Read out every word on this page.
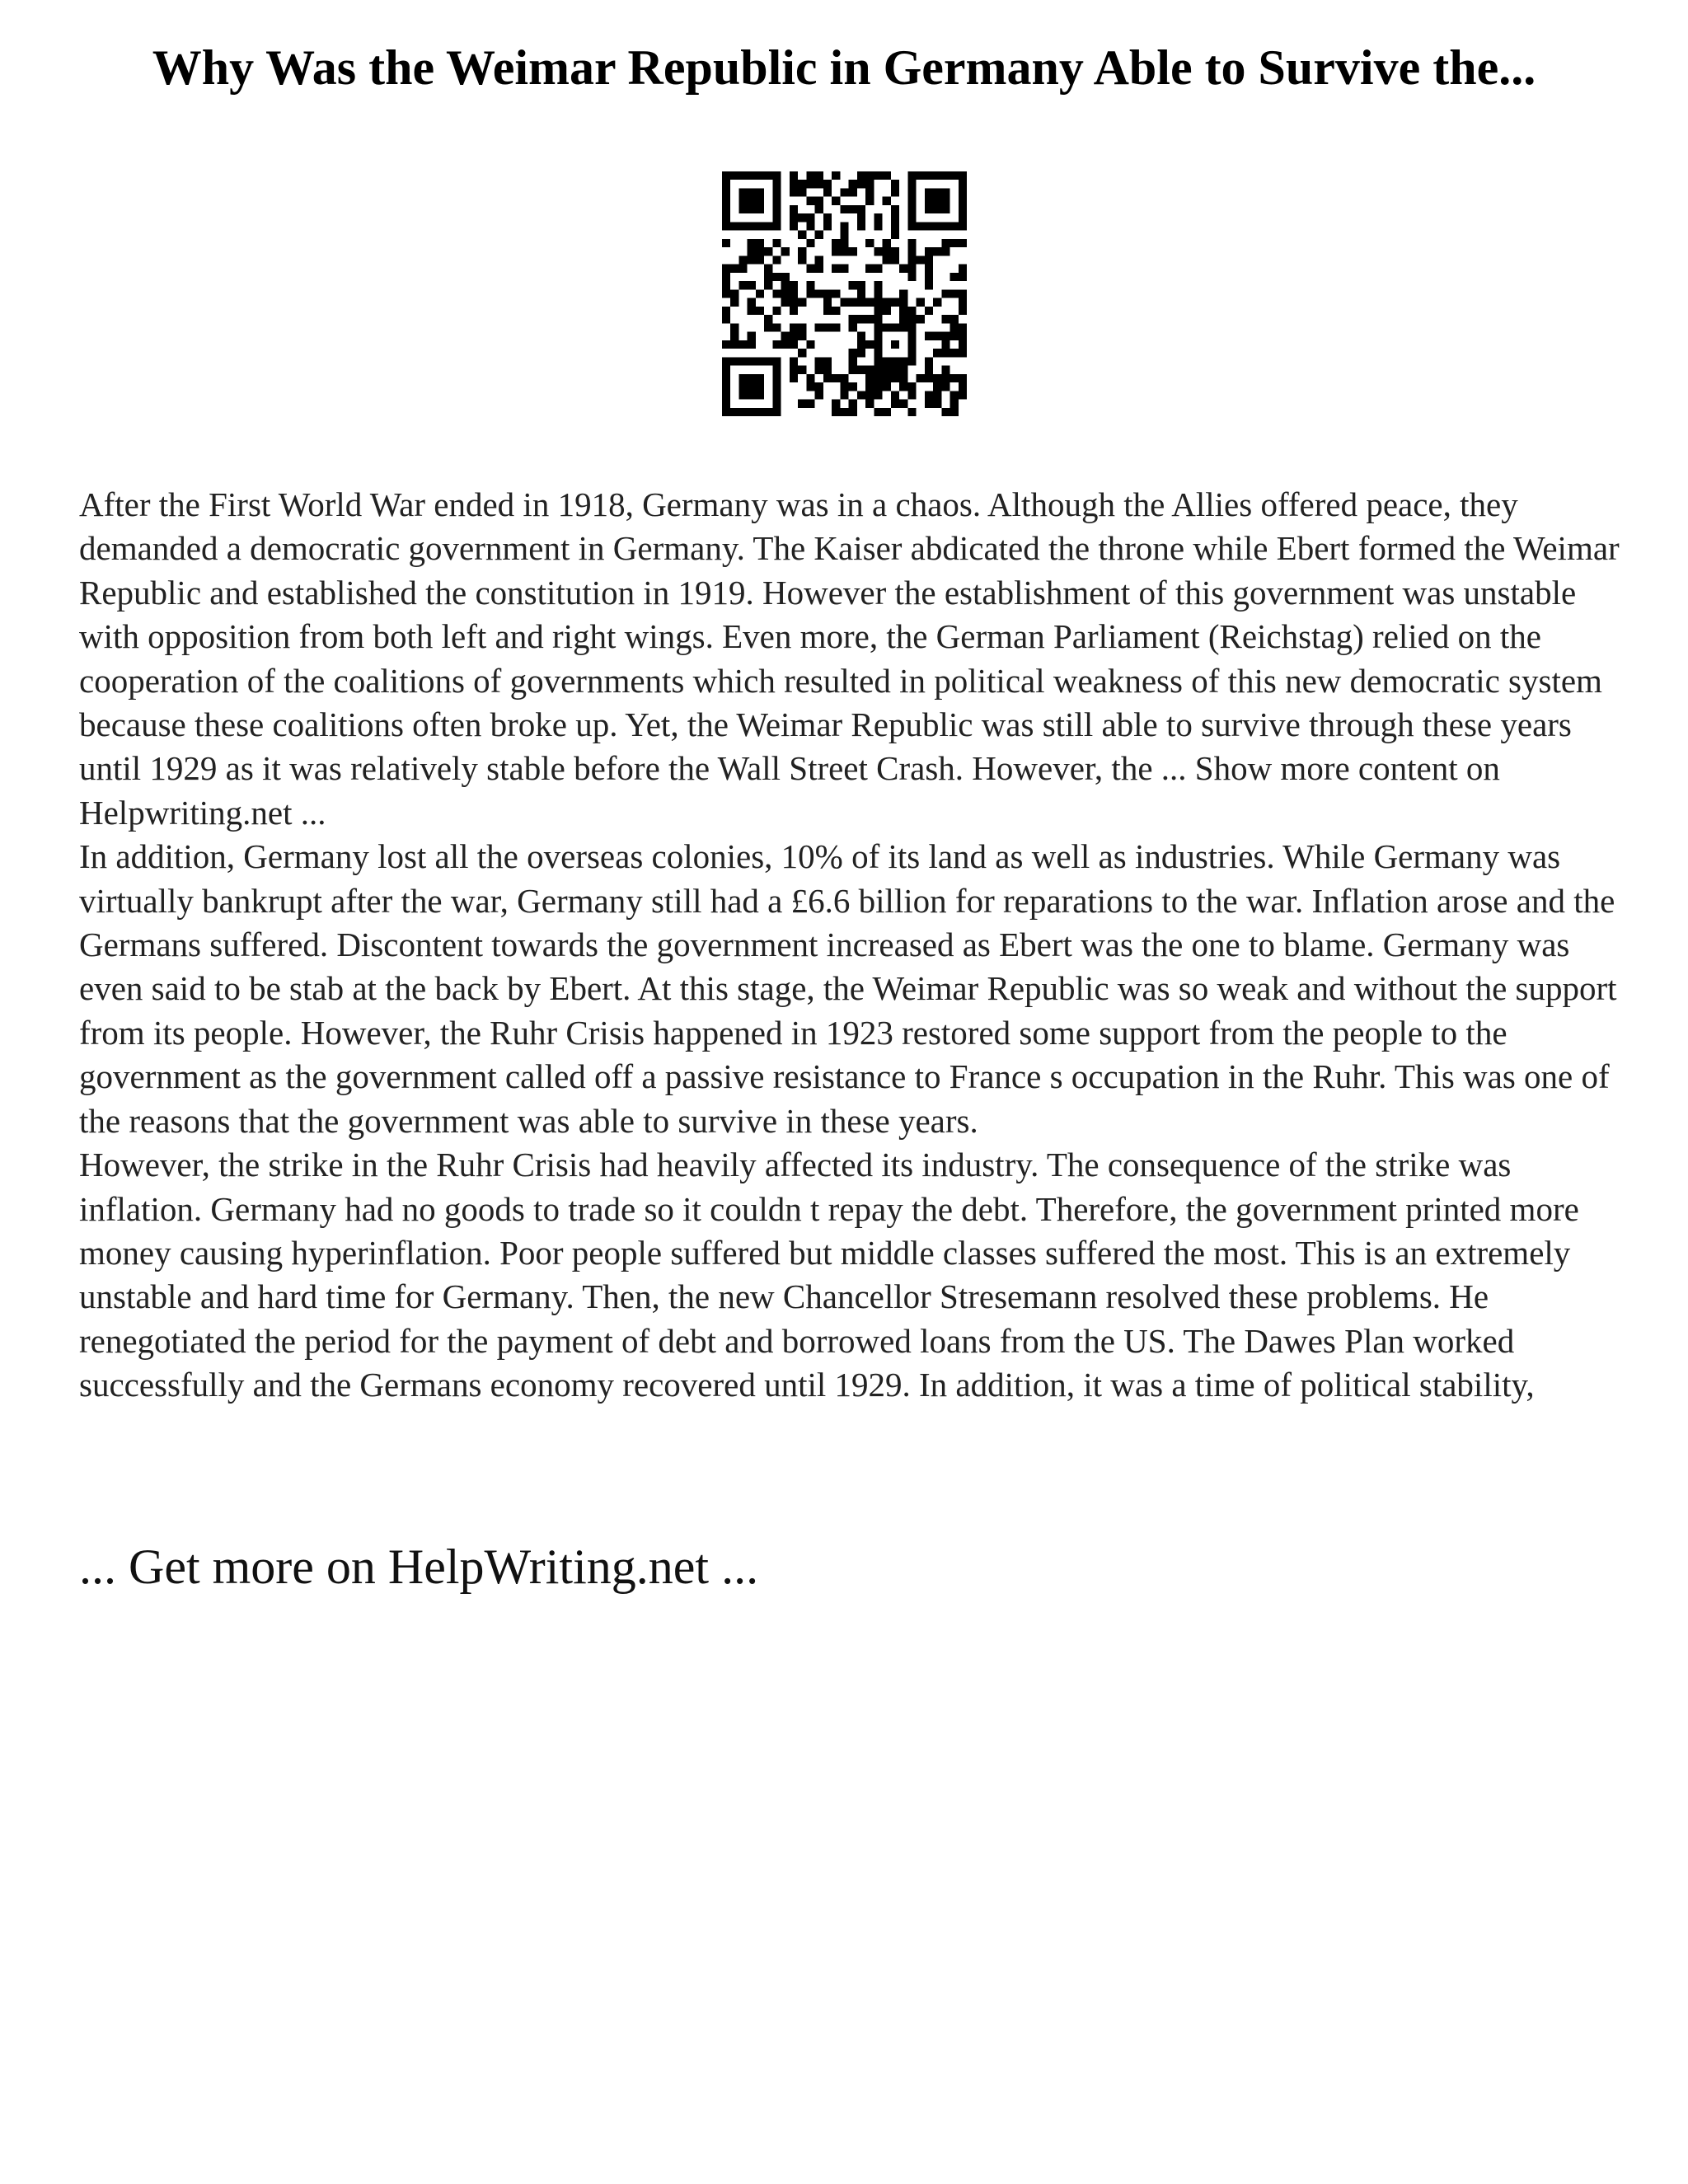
Why Was the Weimar Republic in Germany Able to Survive the...

After the First World War ended in 1918, Germany was in a chaos. Although the Allies offered peace, they demanded a democratic government in Germany. The Kaiser abdicated the throne while Ebert formed the Weimar Republic and established the constitution in 1919. However the establishment of this government was unstable with opposition from both left and right wings. Even more, the German Parliament (Reichstag) relied on the cooperation of the coalitions of governments which resulted in political weakness of this new democratic system because these coalitions often broke up. Yet, the Weimar Republic was still able to survive through these years until 1929 as it was relatively stable before the Wall Street Crash. However, the ... Show more content on Helpwriting.net ...

In addition, Germany lost all the overseas colonies, 10% of its land as well as industries. While Germany was virtually bankrupt after the war, Germany still had a £6.6 billion for reparations to the war. Inflation arose and the Germans suffered. Discontent towards the government increased as Ebert was the one to blame. Germany was even said to be stab at the back by Ebert. At this stage, the Weimar Republic was so weak and without the support from its people. However, the Ruhr Crisis happened in 1923 restored some support from the people to the government as the government called off a passive resistance to France s occupation in the Ruhr. This was one of the reasons that the government was able to survive in these years.

However, the strike in the Ruhr Crisis had heavily affected its industry. The consequence of the strike was inflation. Germany had no goods to trade so it couldn t repay the debt. Therefore, the government printed more money causing hyperinflation. Poor people suffered but middle classes suffered the most. This is an extremely unstable and hard time for Germany. Then, the new Chancellor Stresemann resolved these problems. He renegotiated the period for the payment of debt and borrowed loans from the US. The Dawes Plan worked successfully and the Germans economy recovered until 1929. In addition, it was a time of political stability,

... Get more on HelpWriting.net ...
